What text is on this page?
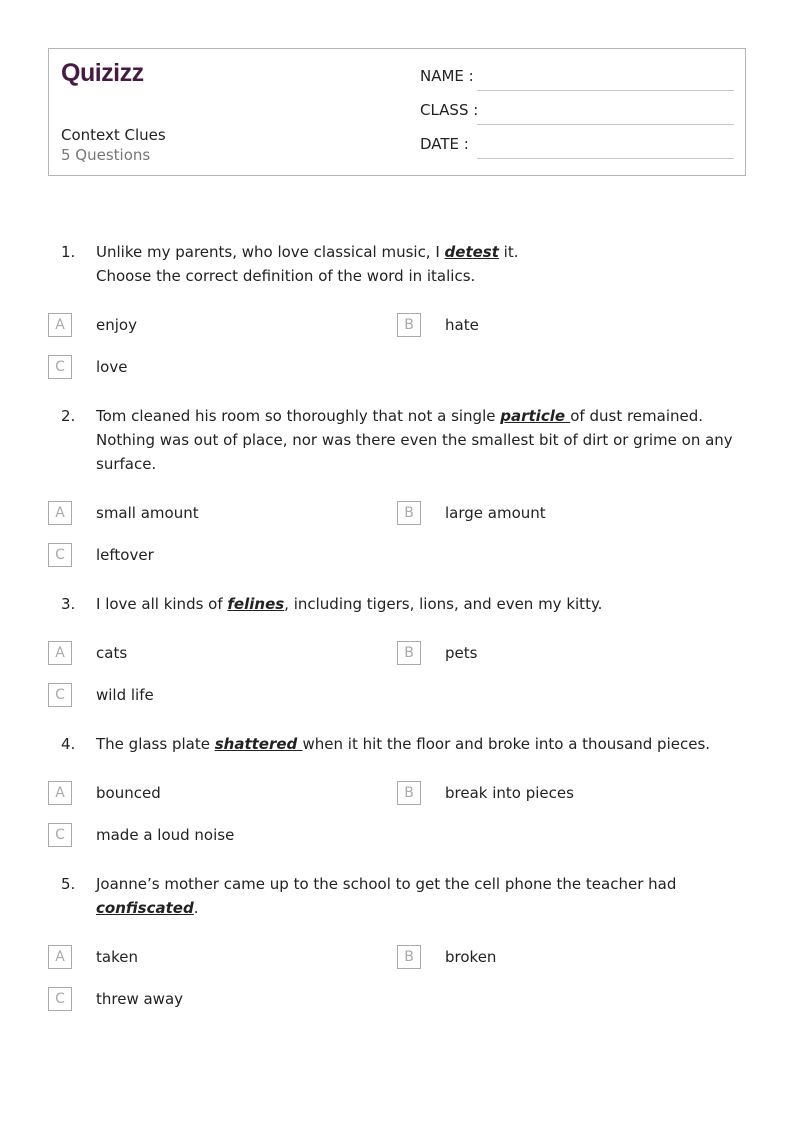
Quizizz
Context Clues
5 Questions
NAME :
CLASS :
DATE :
1. Unlike my parents, who love classical music, I detest it.
Choose the correct definition of the word in italics.
A	enjoy	B	hate
C	love
2. Tom cleaned his room so thoroughly that not a single particle of dust remained. Nothing was out of place, nor was there even the smallest bit of dirt or grime on any surface.
A	small amount	B	large amount
C	leftover
3. I love all kinds of felines, including tigers, lions, and even my kitty.
A	cats	B	pets
C	wild life
4. The glass plate shattered when it hit the floor and broke into a thousand pieces.
A	bounced	B	break into pieces
C	made a loud noise
5. Joanne’s mother came up to the school to get the cell phone the teacher had confiscated.
A	taken	B	broken
C	threw away
